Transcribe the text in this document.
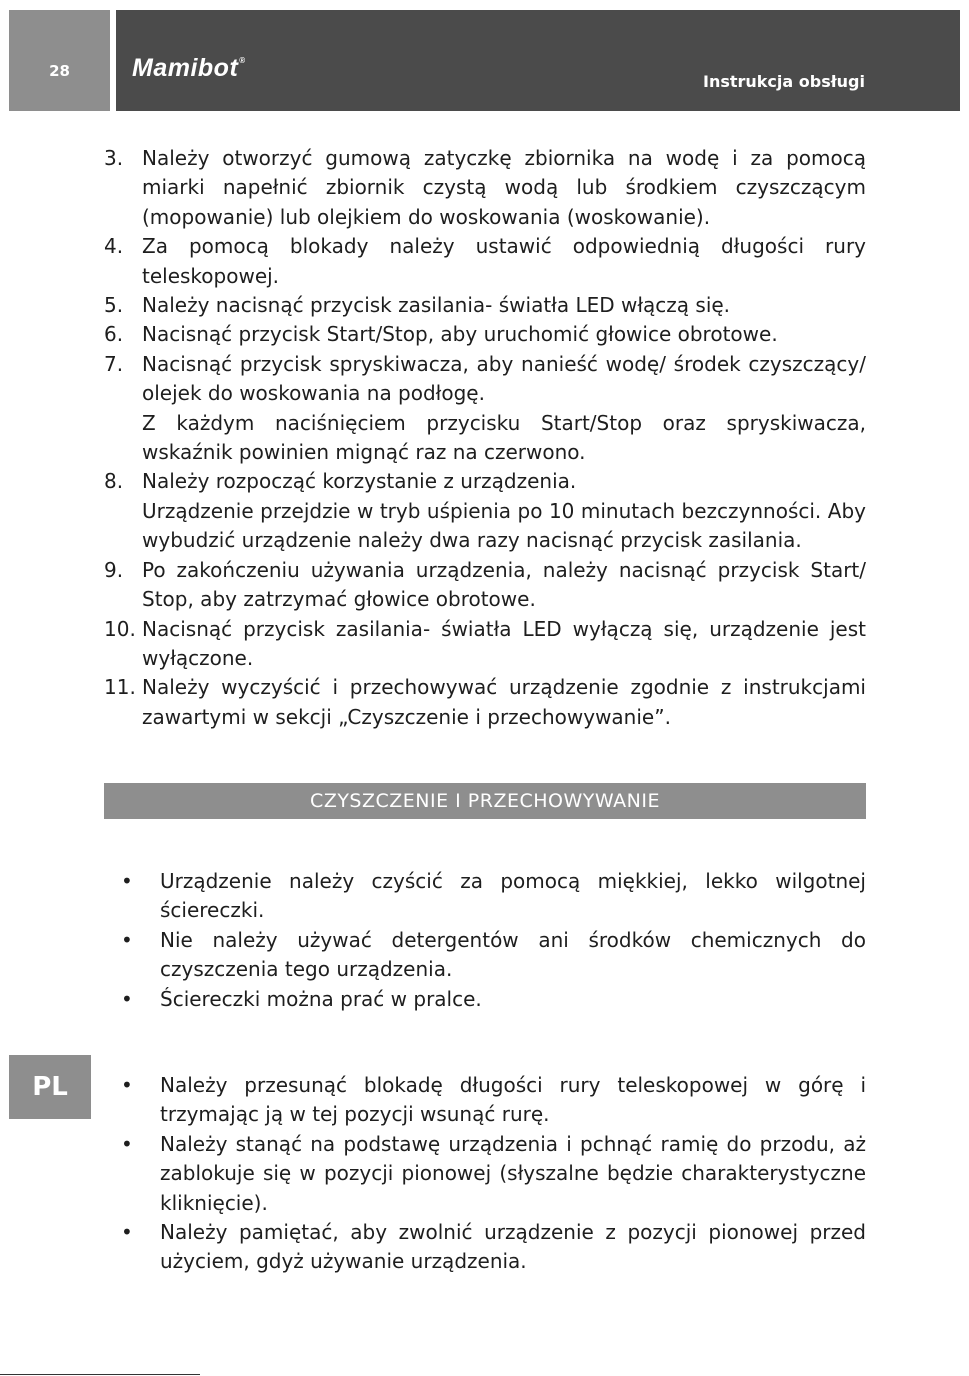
28	Mamibot®
Instrukcja obsługi
3. Należy otworzyć gumową zatyczkę zbiornika na wodę i za pomocą miarki napełnić zbiornik czystą wodą lub środkiem czyszczącym (mopowanie) lub olejkiem do woskowania (woskowanie).
4. Za pomocą blokady należy ustawić odpowiednią długości rury teleskopowej.
5. Należy nacisnąć przycisk zasilania- światła LED włączą się.
6. Nacisnąć przycisk Start/Stop, aby uruchomić głowice obrotowe.
7. Nacisnąć przycisk spryskiwacza, aby nanieść wodę/ środek czyszczący/ olejek do woskowania na podłogę.
Z każdym naciśnięciem przycisku Start/Stop oraz spryskiwacza, wskaźnik powinien mignąć raz na czerwono.
8. Należy rozpocząć korzystanie z urządzenia.
Urządzenie przejdzie w tryb uśpienia po 10 minutach bezczynności. Aby wybudzić urządzenie należy dwa razy nacisnąć przycisk zasilania.
9. Po zakończeniu używania urządzenia, należy nacisnąć przycisk Start/ Stop, aby zatrzymać głowice obrotowe.
10. Nacisnąć przycisk zasilania- światła LED wyłączą się, urządzenie jest wyłączone.
11. Należy wyczyścić i przechowywać urządzenie zgodnie z instrukcjami zawartymi w sekcji „Czyszczenie i przechowywanie”.
CZYSZCZENIE I PRZECHOWYWANIE
• Urządzenie należy czyścić za pomocą miękkiej, lekko wilgotnej ściereczki.
• Nie należy używać detergentów ani środków chemicznych do czyszczenia tego urządzenia.
• Ściereczki można prać w pralce.
PL	• Należy przesunąć blokadę długości rury teleskopowej w górę i trzymając ją w tej pozycji wsunąć rurę.
• Należy stanąć na podstawę urządzenia i pchnąć ramię do przodu, aż zablokuje się w pozycji pionowej (słyszalne będzie charakterystyczne kliknięcie).
• Należy pamiętać, aby zwolnić urządzenie z pozycji pionowej przed użyciem, gdyż używanie urządzenia.
